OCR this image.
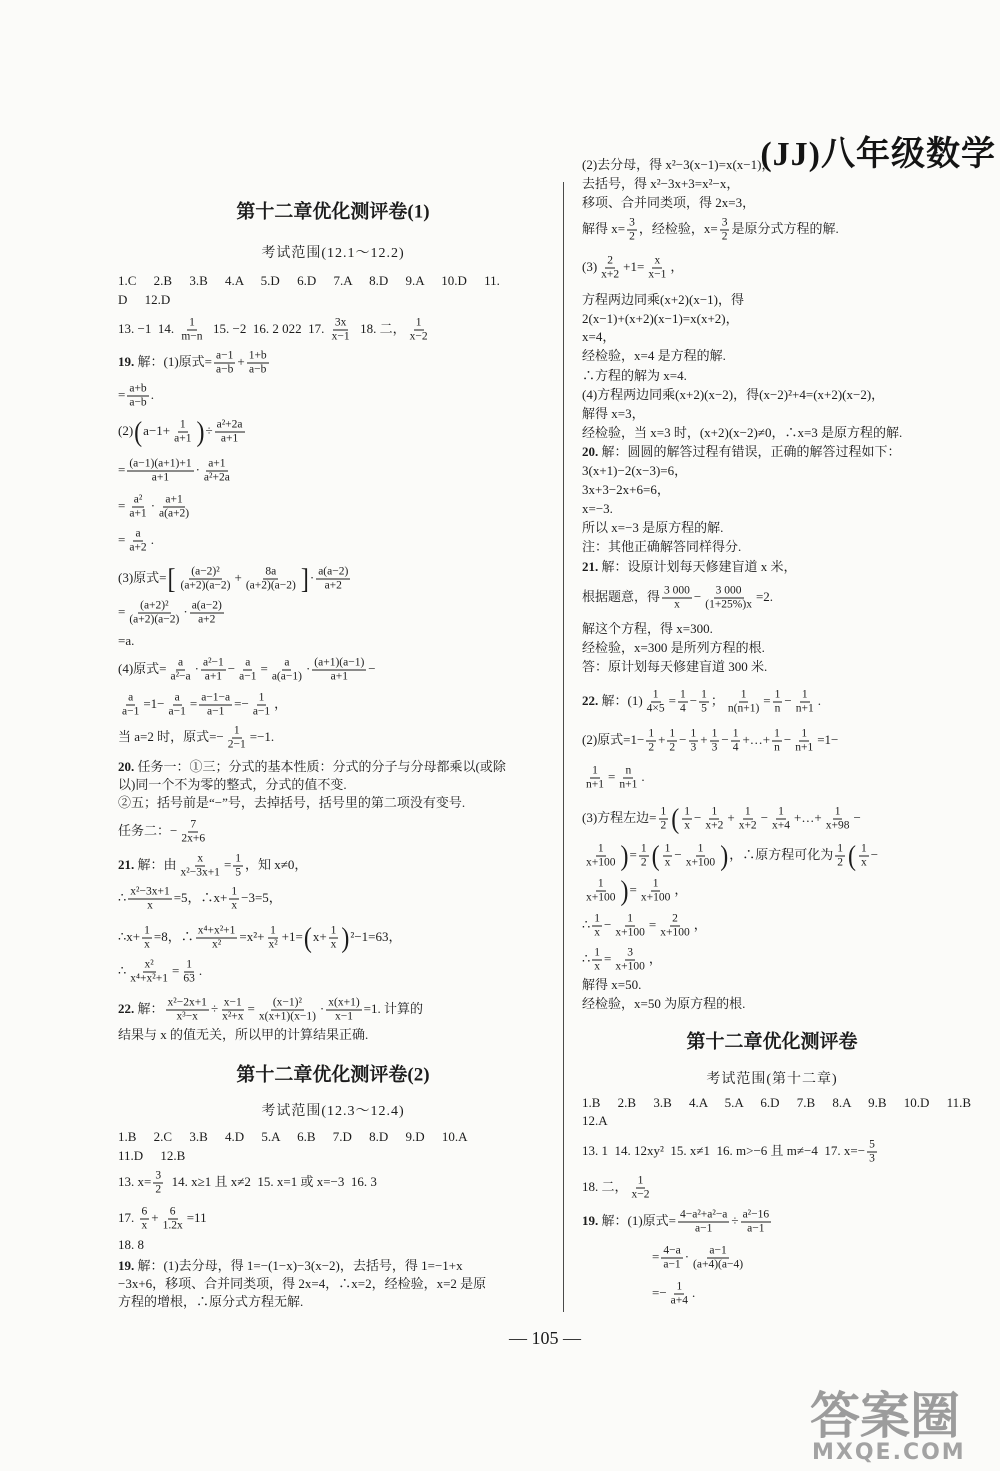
(JJ)八年级数学
— 105 —
答案圈
MXQE.COM
第十二章优化测评卷(1)
考试范围(12.1～12.2)
1.C 2.B 3.B 4.A 5.D 6.D 7.A 8.D 9.A 10.D 11.
D 12.D
13. −1  14. $\frac{1}{m-n} 15$. −2  16. 2 022  17. $\frac{3x}{x-1} 18$. 二， $\frac{1}{x-2}$
19. 解：(1)原式= $\frac{a-1}{a-b} + \frac{1+b}{a-b}$
= $\frac{a+b}{a-b}$ .
$(2)(a-1+ \frac{1}{a+1}$ )÷ $\frac{\text{a²+2a}}{a+1}$
= $\frac{(a-1)(a+1)+1}{a+1} \cdot \frac{a+1}{\text{a²+2a}}$
= $\frac{\text{a²}}{a+1} \cdot \frac{a+1}{a(a+2)}$
= $\frac{a}{a+2}$ .
(3)原式=[ $\frac{\text{(a−2)²}}{(a+2)(a-2)} + \frac{8a}{(a+2)(a-2)}$ ]· $\frac{a(a-2)}{a+2}$
= $\frac{\text{(a+2)²}}{(a+2)(a-2)} \cdot \frac{a(a-2)}{a+2}$
=a.
(4)原式= $\frac{a}{\text{a²−a}} \cdot \frac{\text{a²−1}}{a+1} - \frac{a}{a-1} = \frac{a}{a(a-1)} \cdot \frac{(a+1)(a-1)}{a+1}$ −
$\frac{a}{a-1} =1- \frac{a}{a-1} = \frac{a-1-a}{a-1} =- \frac{1}{a-1}$ ，
当 a=2 时，原式=− $\frac{1}{2-1} =-1$.
20. 任务一：①三；分式的基本性质：分式的分子与分母都乘以(或除
以)同一个不为零的整式，分式的值不变.
②五；括号前是“−”号，去掉括号，括号里的第二项没有变号.
任务二：− $\frac{7}{2x+6}$
21. 解：由 $\frac{x}{\text{x²−3x+1}} = \frac{1}{5}$ ，知 x≠0，
∴ $\frac{\text{x²−3x+1}}{x} =5$，∴x+ $\frac{1}{x} -3=5$，
∴x+ $\frac{1}{x} =8$，∴ $\frac{\text{x⁴+x²+1}}{\text{x²}} =x^2+ \frac{1}{\text{x²}} +1=(x+ \frac{1}{x} )^2-1=63$，
∴ $\frac{\text{x²}}{\text{x⁴+x²+1}} = \frac{1}{63}$ .
22. 解： $\frac{\text{x²−2x+1}}{\text{x³−x}} \div \frac{x-1}{\text{x²+x}} = \frac{\text{(x−1)²}}{x(x+1)(x-1)} \cdot \frac{x(x+1)}{x-1} =1$. 计算的
结果与 x 的值无关，所以甲的计算结果正确.
第十二章优化测评卷(2)
考试范围(12.3～12.4)
1.B 2.C 3.B 4.D 5.A 6.B 7.D 8.D 9.D 10.A
11.D 12.B
13. $x= \frac{3}{2} 14$. x≥1 且 x≠2  15. x=1 或 x=−3  16. 3
17. $\frac{6}{x} + \frac{6}{1.2x} =11$
18. 8
19. 解：(1)去分母，得 1=−(1−x)−3(x−2)，去括号，得 1=−1+x
−3x+6，移项、合并同类项，得 2x=4，∴x=2，经检验，x=2 是原
方程的增根，∴原分式方程无解.
(2)去分母，得 x²−3(x−1)=x(x−1)，
去括号，得 x²−3x+3=x²−x，
移项、合并同类项，得 2x=3，
解得 $x= \frac{3}{2}$ ，经检验，$x= \frac{3}{2}$ 是原分式方程的解.
$(3) \frac{2}{x+2} +1= \frac{x}{x-1}$ ，
方程两边同乘(x+2)(x−1)，得
2(x−1)+(x+2)(x−1)=x(x+2)，
x=4，
经检验，x=4 是方程的解.
∴方程的解为 x=4.
(4)方程两边同乘(x+2)(x−2)，得(x−2)²+4=(x+2)(x−2)，
解得 x=3，
经检验，当 x=3 时，(x+2)(x−2)≠0，∴x=3 是原方程的解.
20. 解：圆圆的解答过程有错误，正确的解答过程如下：
3(x+1)−2(x−3)=6，
3x+3−2x+6=6，
x=−3.
所以 x=−3 是原方程的解.
注：其他正确解答同样得分.
21. 解：设原计划每天修建盲道 x 米，
根据题意，得 $\frac{3 000}{x} - \frac{3 000}{(1+25\%)x} =2$.
解这个方程，得 x=300.
经检验，x=300 是所列方程的根.
答：原计划每天修建盲道 300 米.
22. 解：$(1) \frac{1}{4\times 5} = \frac{1}{4} - \frac{1}{5}$ ； $\frac{1}{n(n+1)} = \frac{1}{n} - \frac{1}{n+1}$ .
(2)原式$=1- \frac{1}{2} + \frac{1}{2} - \frac{1}{3} + \frac{1}{3} - \frac{1}{4}$ +…+ $\frac{1}{n} - \frac{1}{n+1} =1-$
$\frac{1}{n+1} = \frac{n}{n+1}$ .
(3)方程左边= $\frac{1}{2}$ ( $\frac{1}{x} - \frac{1}{x+2} + \frac{1}{x+2} - \frac{1}{x+4}$ +…+ $\frac{1}{x+98}$ −
$\frac{1}{x+100}$ )= $\frac{1}{2}$ ( $\frac{1}{x} - \frac{1}{x+100}$ )，∴原方程可化为 $\frac{1}{2}$ ( $\frac{1}{x}$ −
$\frac{1}{x+100}$ )= $\frac{1}{x+100}$ ，
∴ $\frac{1}{x} - \frac{1}{x+100} = \frac{2}{x+100}$ ，
∴ $\frac{1}{x} = \frac{3}{x+100}$ ，
解得 x=50.
经检验，x=50 为原方程的根.
第十二章优化测评卷
考试范围(第十二章)
1.B 2.B 3.B 4.A 5.A 6.D 7.B 8.A 9.B 10.D 11.B
12.A
13. 1  14. 12xy²  15. x≠1  16. m>−6 且 m≠−4  17. $x=- \frac{5}{3}$
18. 二， $\frac{1}{x-2}$
19. 解：(1)原式= $\frac{\text{4−a²+a²−a}}{a-1} \div \frac{\text{a²−16}}{a-1}$
= $\frac{4-a}{a-1} \cdot \frac{a-1}{(a+4)(a-4)}$
=− $\frac{1}{a+4}$ .
